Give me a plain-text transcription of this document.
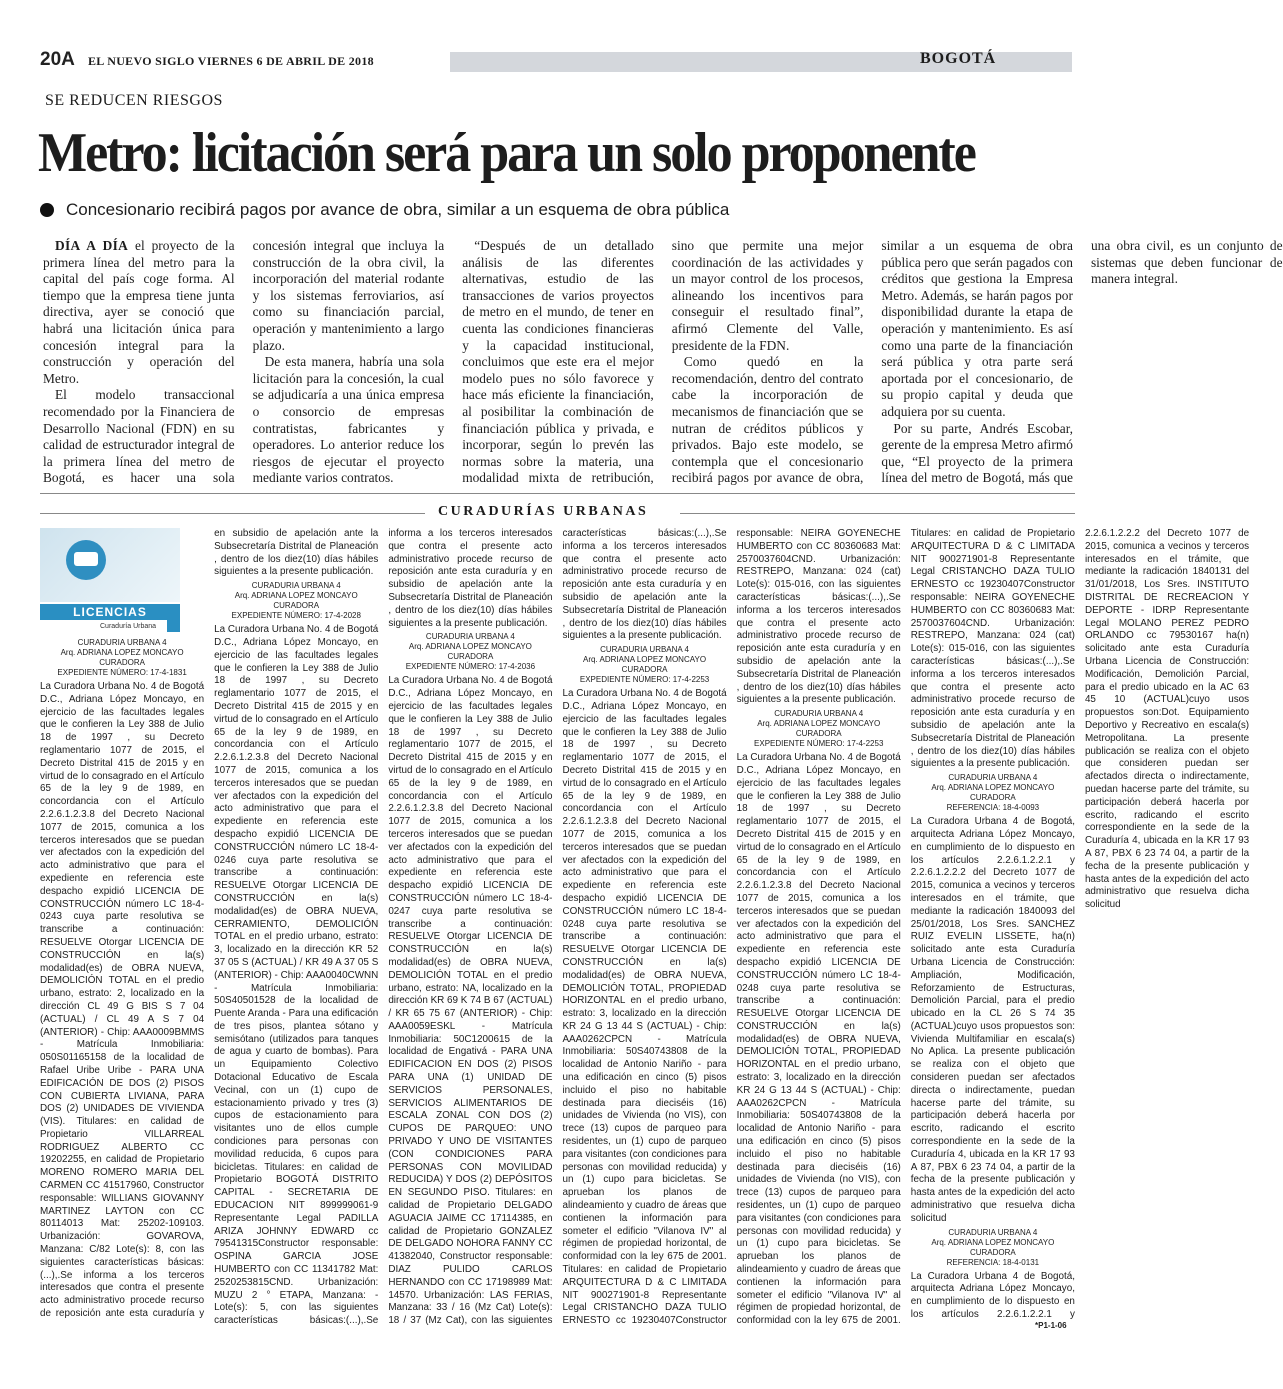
20A EL NUEVO SIGLO VIERNES 6 DE ABRIL DE 2018	BOGOTÁ
SE REDUCEN RIESGOS
Metro: licitación será para un solo proponente
Concesionario recibirá pagos por avance de obra, similar a un esquema de obra pública

DÍA A DÍA el proyecto de la primera línea del metro para la capital del país coge forma. Al tiempo que la empresa tiene junta directiva, ayer se conoció que habrá una licitación única para concesión integral para la construcción y operación del Metro.

El modelo transaccional recomendado por la Financiera de Desarrollo Nacional (FDN) en su calidad de estructurador integral de la primera línea del metro de Bogotá, es hacer una sola concesión integral que incluya la construcción de la obra civil, la incorporación del material rodante y los sistemas ferroviarios, así como su financiación parcial, operación y mantenimiento a largo plazo.

De esta manera, habría una sola licitación para la concesión, la cual se adjudicaría a una única empresa o consorcio de empresas contratistas, fabricantes y operadores. Lo anterior reduce los riesgos de ejecutar el proyecto mediante varios contratos.

“Después de un detallado análisis de las diferentes alternativas, estudio de las transacciones de varios proyectos de metro en el mundo, de tener en cuenta las condiciones financieras y la capacidad institucional, concluimos que este era el mejor modelo pues no sólo favorece y hace más eficiente la financiación, al posibilitar la combinación de financiación pública y privada, e incorporar, según lo prevén las normas sobre la materia, una modalidad mixta de retribución, sino que permite una mejor coordinación de las actividades y un mayor control de los procesos, alineando los incentivos para conseguir el resultado final”, afirmó Clemente del Valle, presidente de la FDN.

Como quedó en la recomendación, dentro del contrato cabe la incorporación de mecanismos de financiación que se nutran de créditos públicos y privados. Bajo este modelo, se contempla que el concesionario recibirá pagos por avance de obra, similar a un esquema de obra pública pero que serán pagados con créditos que gestiona la Empresa Metro. Además, se harán pagos por disponibilidad durante la etapa de operación y mantenimiento. Es así como una parte de la financiación será pública y otra parte será aportada por el concesionario, de su propio capital y deuda que adquiera por su cuenta.

Por su parte, Andrés Escobar, gerente de la empresa Metro afirmó que, “El proyecto de la primera línea del metro de Bogotá, más que una obra civil, es un conjunto de sistemas que deben funcionar de manera integral.

CURADURÍAS URBANAS
LICENCIAS
Curaduría Urbana
CURADURIA URBANA 4
Arq. ADRIANA LOPEZ MONCAYO
CURADORA
EXPEDIENTE NÚMERO: 17-4-1831
La Curadora Urbana No. 4 de Bogotá D.C., Adriana López Moncayo, en ejercicio de las facultades legales que le confieren la Ley 388 de Julio 18 de 1997 , su Decreto reglamentario 1077 de 2015, el Decreto Distrital 415 de 2015 y en virtud de lo consagrado en el Artículo 65 de la ley 9 de 1989, en concordancia con el Artículo 2.2.6.1.2.3.8 del Decreto Nacional 1077 de 2015, comunica a los terceros interesados que se puedan ver afectados con la expedición del acto administrativo que para el expediente en referencia este despacho expidió LICENCIA DE CONSTRUCCIÓN número LC 18-4-0243 cuya parte resolutiva se transcribe a continuación: RESUELVE Otorgar LICENCIA DE CONSTRUCCIÓN en la(s) modalidad(es) de OBRA NUEVA, DEMOLICIÓN TOTAL en el predio urbano, estrato: 2, localizado en la dirección CL 49 G BIS S 7 04 (ACTUAL) / CL 49 A S 7 04 (ANTERIOR) - Chip: AAA0009BMMS - Matrícula Inmobiliaria: 050S01165158 de la localidad de Rafael Uribe Uribe - PARA UNA EDIFICACIÓN DE DOS (2) PISOS CON CUBIERTA LIVIANA, PARA DOS (2) UNIDADES DE VIVIENDA (VIS). Titulares: en calidad de Propietario VILLARREAL RODRIGUEZ ALBERTO CC 19202255, en calidad de Propietario MORENO ROMERO MARIA DEL CARMEN CC 41517960, Constructor responsable: WILLIANS GIOVANNY MARTINEZ LAYTON con CC 80114013 Mat: 25202-109103. Urbanización: GOVAROVA, Manzana: C/82 Lote(s): 8, con las siguientes características básicas:(...),.Se informa a los terceros interesados que contra el presente acto administrativo procede recurso de reposición ante esta curaduría y en subsidio de apelación ante la Subsecretaría Distrital de Planeación , dentro de los diez(10) días hábiles siguientes a la presente publicación.
CURADURIA URBANA 4
Arq. ADRIANA LOPEZ MONCAYO
CURADORA
EXPEDIENTE NÚMERO: 17-4-2028
La Curadora Urbana No. 4 de Bogotá D.C., Adriana López Moncayo, en ejercicio de las facultades legales que le confieren la Ley 388 de Julio 18 de 1997 , su Decreto reglamentario 1077 de 2015, el Decreto Distrital 415 de 2015 y en virtud de lo consagrado en el Artículo 65 de la ley 9 de 1989, en concordancia con el Artículo 2.2.6.1.2.3.8 del Decreto Nacional 1077 de 2015, comunica a los terceros interesados que se puedan ver afectados con la expedición del acto administrativo que para el expediente en referencia este despacho expidió LICENCIA DE CONSTRUCCIÓN número LC 18-4-0246 cuya parte resolutiva se transcribe a continuación: RESUELVE Otorgar LICENCIA DE CONSTRUCCIÓN en la(s) modalidad(es) de OBRA NUEVA, CERRAMIENTO, DEMOLICIÓN TOTAL en el predio urbano, estrato: 3, localizado en la dirección KR 52 37 05 S (ACTUAL) / KR 49 A 37 05 S (ANTERIOR) - Chip: AAA0040CWNN - Matrícula Inmobiliaria: 50S40501528 de la localidad de Puente Aranda - Para una edificación de tres pisos, plantea sótano y semisótano (utilizados para tanques de agua y cuarto de bombas). Para un Equipamiento Colectivo Dotacional Educativo de Escala Vecinal, con un (1) cupo de estacionamiento privado y tres (3) cupos de estacionamiento para visitantes uno de ellos cumple condiciones para personas con movilidad reducida, 6 cupos para bicicletas. Titulares: en calidad de Propietario BOGOTÁ DISTRITO CAPITAL - SECRETARIA DE EDUCACION NIT 899999061-9 Representante Legal PADILLA ARIZA JOHNNY EDWARD cc 79541315Constructor responsable: OSPINA GARCIA JOSE HUMBERTO con CC 11341782 Mat: 2520253815CND. Urbanización: MUZU 2 ° ETAPA, Manzana: - Lote(s): 5, con las siguientes características básicas:(...),.Se informa a los terceros interesados que contra el presente acto administrativo procede recurso de reposición ante esta curaduría y en subsidio de apelación ante la Subsecretaría Distrital de Planeación , dentro de los diez(10) días hábiles siguientes a la presente publicación.
CURADURIA URBANA 4
Arq. ADRIANA LOPEZ MONCAYO
CURADORA
EXPEDIENTE NÚMERO: 17-4-2036
La Curadora Urbana No. 4 de Bogotá D.C., Adriana López Moncayo, en ejercicio de las facultades legales que le confieren la Ley 388 de Julio 18 de 1997 , su Decreto reglamentario 1077 de 2015, el Decreto Distrital 415 de 2015 y en virtud de lo consagrado en el Artículo 65 de la ley 9 de 1989, en concordancia con el Artículo 2.2.6.1.2.3.8 del Decreto Nacional 1077 de 2015, comunica a los terceros interesados que se puedan ver afectados con la expedición del acto administrativo que para el expediente en referencia este despacho expidió LICENCIA DE CONSTRUCCIÓN número LC 18-4-0247 cuya parte resolutiva se transcribe a continuación: RESUELVE Otorgar LICENCIA DE CONSTRUCCIÓN en la(s) modalidad(es) de OBRA NUEVA, DEMOLICIÓN TOTAL en el predio urbano, estrato: NA, localizado en la dirección KR 69 K 74 B 67 (ACTUAL) / KR 65 75 67 (ANTERIOR) - Chip: AAA0059ESKL - Matrícula Inmobiliaria: 50C1200615 de la localidad de Engativá - PARA UNA EDIFICACION EN DOS (2) PISOS PARA UNA (1) UNIDAD DE SERVICIOS PERSONALES, SERVICIOS ALIMENTARIOS DE ESCALA ZONAL CON DOS (2) CUPOS DE PARQUEO: UNO PRIVADO Y UNO DE VISITANTES (CON CONDICIONES PARA PERSONAS CON MOVILIDAD REDUCIDA) Y DOS (2) DEPÓSITOS EN SEGUNDO PISO. Titulares: en calidad de Propietario DELGADO AGUACIA JAIME CC 17114385, en calidad de Propietario GONZALEZ DE DELGADO NOHORA FANNY CC 41382040, Constructor responsable: DIAZ PULIDO CARLOS HERNANDO con CC 17198989 Mat: 14570. Urbanización: LAS FERIAS, Manzana: 33 / 16 (Mz Cat) Lote(s): 18 / 37 (Mz Cat), con las siguientes características básicas:(...),.Se informa a los terceros interesados que contra el presente acto administrativo procede recurso de reposición ante esta curaduría y en subsidio de apelación ante la Subsecretaría Distrital de Planeación , dentro de los diez(10) días hábiles siguientes a la presente publicación.
CURADURIA URBANA 4
Arq. ADRIANA LOPEZ MONCAYO
CURADORA
EXPEDIENTE NÚMERO: 17-4-2253
La Curadora Urbana No. 4 de Bogotá D.C., Adriana López Moncayo, en ejercicio de las facultades legales que le confieren la Ley 388 de Julio 18 de 1997 , su Decreto reglamentario 1077 de 2015, el Decreto Distrital 415 de 2015 y en virtud de lo consagrado en el Artículo 65 de la ley 9 de 1989, en concordancia con el Artículo 2.2.6.1.2.3.8 del Decreto Nacional 1077 de 2015, comunica a los terceros interesados que se puedan ver afectados con la expedición del acto administrativo que para el expediente en referencia este despacho expidió LICENCIA DE CONSTRUCCIÓN número LC 18-4-0248 cuya parte resolutiva se transcribe a continuación: RESUELVE Otorgar LICENCIA DE CONSTRUCCIÓN en la(s) modalidad(es) de OBRA NUEVA, DEMOLICIÓN TOTAL, PROPIEDAD HORIZONTAL en el predio urbano, estrato: 3, localizado en la dirección KR 24 G 13 44 S (ACTUAL) - Chip: AAA0262CPCN - Matrícula Inmobiliaria: 50S40743808 de la localidad de Antonio Nariño - para una edificación en cinco (5) pisos incluido el piso no habitable destinada para dieciséis (16) unidades de Vivienda (no VIS), con trece (13) cupos de parqueo para residentes, un (1) cupo de parqueo para visitantes (con condiciones para personas con movilidad reducida) y un (1) cupo para bicicletas. Se aprueban los planos de alindeamiento y cuadro de áreas que contienen la información para someter el edificio "Vilanova IV" al régimen de propiedad horizontal, de conformidad con la ley 675 de 2001. Titulares: en calidad de Propietario ARQUITECTURA D & C LIMITADA NIT 900271901-8 Representante Legal CRISTANCHO DAZA TULIO ERNESTO cc 19230407Constructor responsable: NEIRA GOYENECHE HUMBERTO con CC 80360683 Mat: 2570037604CND. Urbanización: RESTREPO, Manzana: 024 (cat) Lote(s): 015-016, con las siguientes características básicas:(...),.Se informa a los terceros interesados que contra el presente acto administrativo procede recurso de reposición ante esta curaduría y en subsidio de apelación ante la Subsecretaría Distrital de Planeación , dentro de los diez(10) días hábiles siguientes a la presente publicación.
CURADURIA URBANA 4
Arq. ADRIANA LOPEZ MONCAYO
CURADORA
EXPEDIENTE NÚMERO: 17-4-2253
La Curadora Urbana No. 4 de Bogotá D.C., Adriana López Moncayo, en ejercicio de las facultades legales que le confieren la Ley 388 de Julio 18 de 1997 , su Decreto reglamentario 1077 de 2015, el Decreto Distrital 415 de 2015 y en virtud de lo consagrado en el Artículo 65 de la ley 9 de 1989, en concordancia con el Artículo 2.2.6.1.2.3.8 del Decreto Nacional 1077 de 2015, comunica a los terceros interesados que se puedan ver afectados con la expedición del acto administrativo que para el expediente en referencia este despacho expidió LICENCIA DE CONSTRUCCIÓN número LC 18-4-0248 cuya parte resolutiva se transcribe a continuación: RESUELVE Otorgar LICENCIA DE CONSTRUCCIÓN en la(s) modalidad(es) de OBRA NUEVA, DEMOLICIÓN TOTAL, PROPIEDAD HORIZONTAL en el predio urbano, estrato: 3, localizado en la dirección KR 24 G 13 44 S (ACTUAL) - Chip: AAA0262CPCN - Matrícula Inmobiliaria: 50S40743808 de la localidad de Antonio Nariño - para una edificación en cinco (5) pisos incluido el piso no habitable destinada para dieciséis (16) unidades de Vivienda (no VIS), con trece (13) cupos de parqueo para residentes, un (1) cupo de parqueo para visitantes (con condiciones para personas con movilidad reducida) y un (1) cupo para bicicletas. Se aprueban los planos de alindeamiento y cuadro de áreas que contienen la información para someter el edificio "Vilanova IV" al régimen de propiedad horizontal, de conformidad con la ley 675 de 2001. Titulares: en calidad de Propietario ARQUITECTURA D & C LIMITADA NIT 900271901-8 Representante Legal CRISTANCHO DAZA TULIO ERNESTO cc 19230407Constructor responsable: NEIRA GOYENECHE HUMBERTO con CC 80360683 Mat: 2570037604CND. Urbanización: RESTREPO, Manzana: 024 (cat) Lote(s): 015-016, con las siguientes características básicas:(...),.Se informa a los terceros interesados que contra el presente acto administrativo procede recurso de reposición ante esta curaduría y en subsidio de apelación ante la Subsecretaría Distrital de Planeación , dentro de los diez(10) días hábiles siguientes a la presente publicación.
CURADURIA URBANA 4
Arq. ADRIANA LOPEZ MONCAYO
CURADORA
REFERENCIA: 18-4-0093
La Curadora Urbana 4 de Bogotá, arquitecta Adriana López Moncayo, en cumplimiento de lo dispuesto en los artículos 2.2.6.1.2.2.1 y 2.2.6.1.2.2.2 del Decreto 1077 de 2015, comunica a vecinos y terceros interesados en el trámite, que mediante la radicación 1840093 del 25/01/2018, Los Sres. SANCHEZ RUIZ EVELIN LISSETE, ha(n) solicitado ante esta Curaduría Urbana Licencia de Construcción: Ampliación, Modificación, Reforzamiento de Estructuras, Demolición Parcial, para el predio ubicado en la CL 26 S 74 35 (ACTUAL)cuyo usos propuestos son: Vivienda Multifamiliar en escala(s) No Aplica. La presente publicación se realiza con el objeto que consideren puedan ser afectados directa o indirectamente, puedan hacerse parte del trámite, su participación deberá hacerla por escrito, radicando el escrito correspondiente en la sede de la Curaduría 4, ubicada en la KR 17 93 A 87, PBX 6 23 74 04, a partir de la fecha de la presente publicación y hasta antes de la expedición del acto administrativo que resuelva dicha solicitud
CURADURIA URBANA 4
Arq. ADRIANA LOPEZ MONCAYO
CURADORA
REFERENCIA: 18-4-0131
La Curadora Urbana 4 de Bogotá, arquitecta Adriana López Moncayo, en cumplimiento de lo dispuesto en los artículos 2.2.6.1.2.2.1 y 2.2.6.1.2.2.2 del Decreto 1077 de 2015, comunica a vecinos y terceros interesados en el trámite, que mediante la radicación 1840131 del 31/01/2018, Los Sres. INSTITUTO DISTRITAL DE RECREACION Y DEPORTE - IDRP Representante Legal MOLANO PEREZ PEDRO ORLANDO cc 79530167 ha(n) solicitado ante esta Curaduría Urbana Licencia de Construcción: Modificación, Demolición Parcial, para el predio ubicado en la AC 63 45 10 (ACTUAL)cuyo usos propuestos son:Dot. Equipamiento Deportivo y Recreativo en escala(s) Metropolitana. La presente publicación se realiza con el objeto que consideren puedan ser afectados directa o indirectamente, puedan hacerse parte del trámite, su participación deberá hacerla por escrito, radicando el escrito correspondiente en la sede de la Curaduría 4, ubicada en la KR 17 93 A 87, PBX 6 23 74 04, a partir de la fecha de la presente publicación y hasta antes de la expedición del acto administrativo que resuelva dicha solicitud
*P1-1-06
